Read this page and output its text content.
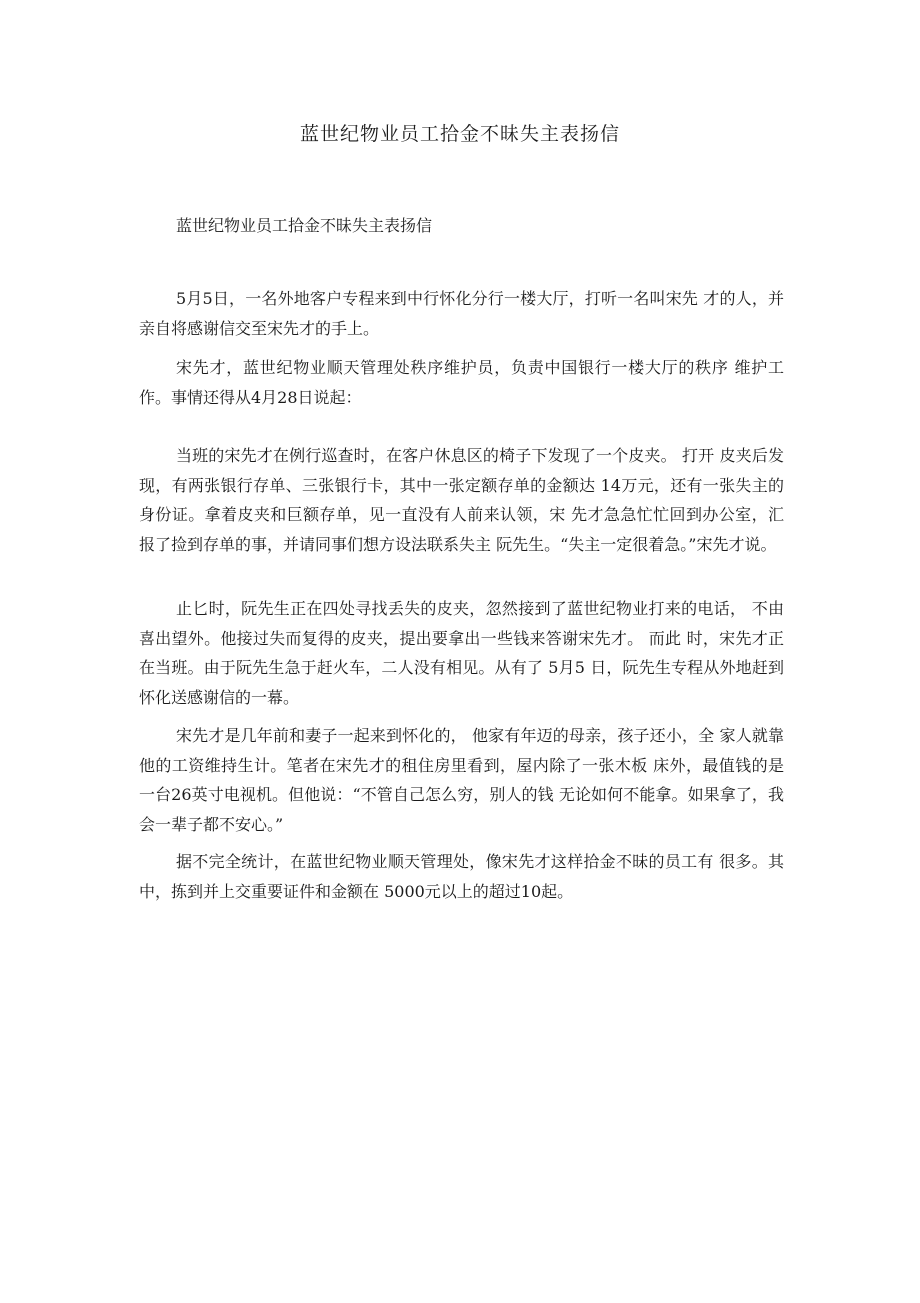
蓝世纪物业员工拾金不昧失主表扬信
蓝世纪物业员工拾金不昧失主表扬信

5月5日，一名外地客户专程来到中行怀化分行一楼大厅，打听一名叫宋先 才的人，并亲自将感谢信交至宋先才的手上。

宋先才，蓝世纪物业顺天管理处秩序维护员，负责中国银行一楼大厅的秩序 维护工作。事情还得从4月28日说起：

当班的宋先才在例行巡查时，在客户休息区的椅子下发现了一个皮夹。 打开 皮夹后发现，有两张银行存单、三张银行卡，其中一张定额存单的金额达 14万元，还有一张失主的身份证。拿着皮夹和巨额存单，见一直没有人前来认领，宋 先才急急忙忙回到办公室，汇报了捡到存单的事，并请同事们想方设法联系失主 阮先生。“失主一定很着急。”宋先才说。

止匕时，阮先生正在四处寻找丢失的皮夹，忽然接到了蓝世纪物业打来的电话， 不由喜出望外。他接过失而复得的皮夹，提出要拿出一些钱来答谢宋先才。 而此 时，宋先才正在当班。由于阮先生急于赶火车，二人没有相见。从有了 5月5 日，阮先生专程从外地赶到怀化送感谢信的一幕。

宋先才是几年前和妻子一起来到怀化的， 他家有年迈的母亲，孩子还小，全 家人就靠他的工资维持生计。笔者在宋先才的租住房里看到，屋内除了一张木板 床外，最值钱的是一台26英寸电视机。但他说：“不管自己怎么穷，别人的钱 无论如何不能拿。如果拿了，我会一辈子都不安心。”

据不完全统计，在蓝世纪物业顺天管理处，像宋先才这样拾金不昧的员工有 很多。其中，拣到并上交重要证件和金额在 5000元以上的超过10起。
